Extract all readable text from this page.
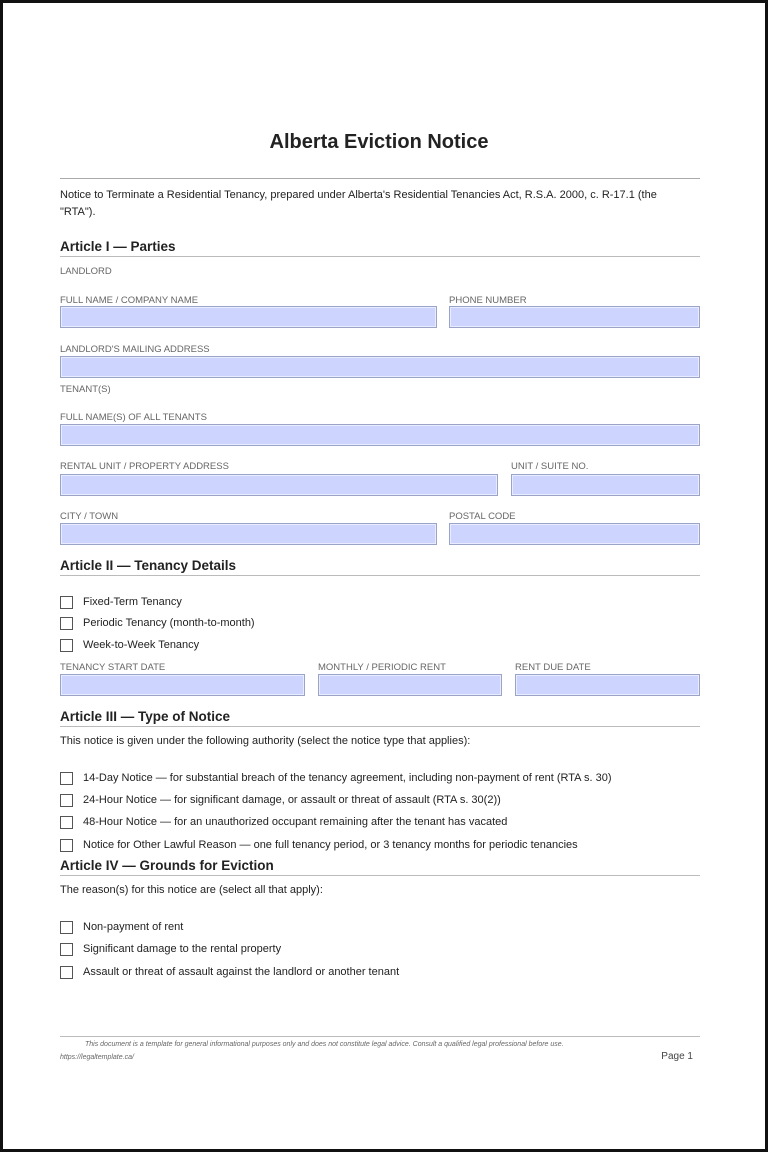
Alberta Eviction Notice
Notice to Terminate a Residential Tenancy, prepared under Alberta's Residential Tenancies Act, R.S.A. 2000, c. R-17.1 (the "RTA").
Article I — Parties
LANDLORD
FULL NAME / COMPANY NAME	PHONE NUMBER
LANDLORD'S MAILING ADDRESS
TENANT(S)
FULL NAME(S) OF ALL TENANTS
RENTAL UNIT / PROPERTY ADDRESS	UNIT / SUITE NO.
CITY / TOWN	POSTAL CODE
Article II — Tenancy Details
Fixed-Term Tenancy
Periodic Tenancy (month-to-month)
Week-to-Week Tenancy
TENANCY START DATE	MONTHLY / PERIODIC RENT	RENT DUE DATE
Article III — Type of Notice
This notice is given under the following authority (select the notice type that applies):
14-Day Notice — for substantial breach of the tenancy agreement, including non-payment of rent (RTA s. 30)
24-Hour Notice — for significant damage, or assault or threat of assault (RTA s. 30(2))
48-Hour Notice — for an unauthorized occupant remaining after the tenant has vacated
Notice for Other Lawful Reason — one full tenancy period, or 3 tenancy months for periodic tenancies
Article IV — Grounds for Eviction
The reason(s) for this notice are (select all that apply):
Non-payment of rent
Significant damage to the rental property
Assault or threat of assault against the landlord or another tenant
This document is a template for general informational purposes only and does not constitute legal advice. Consult a qualified legal professional before use.
https://legaltemplate.ca/	Page 1
